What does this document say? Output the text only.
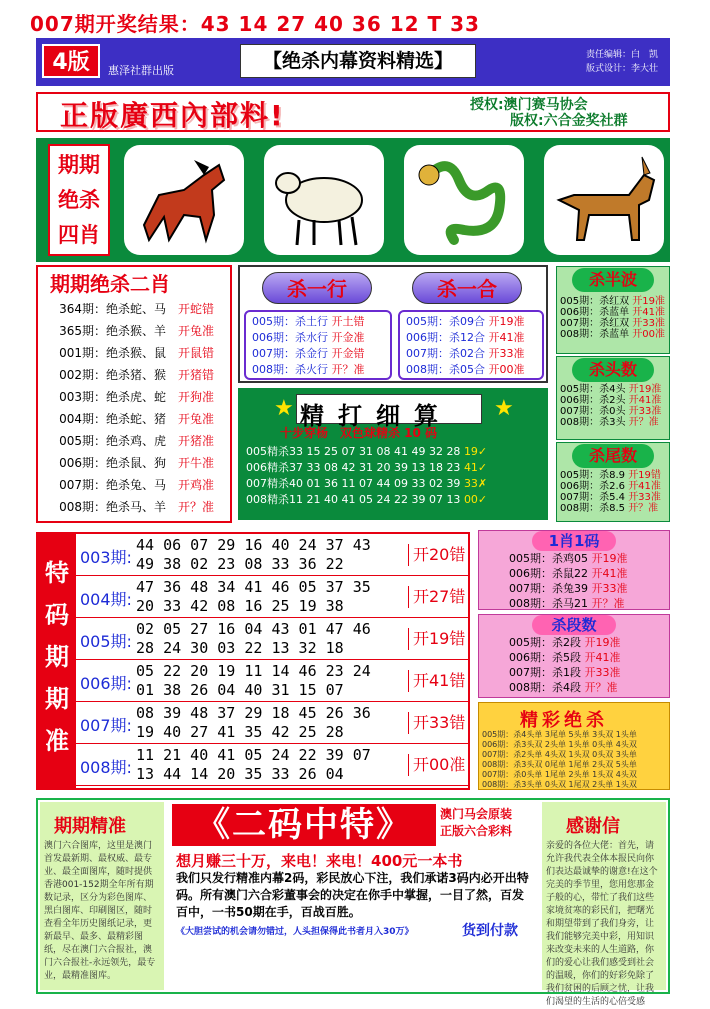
007期开奖结果：43 14 27 40 36 12 T 33
4版	惠泽社群出版	【绝杀内幕资料精选】	责任编辑：白　凯
版式设计：李大壮
正版廣西內部料!	授权:澳门赛马协会
版权:六合金奖社群
期期
绝杀
四肖
期期绝杀二肖
364期：绝杀蛇、马 开蛇错
365期：绝杀猴、羊 开兔准
001期：绝杀猴、鼠 开鼠错
002期：绝杀猪、猴 开猪错
003期：绝杀虎、蛇 开狗准
004期：绝杀蛇、猪 开兔准
005期：绝杀鸡、虎 开猪准
006期：绝杀鼠、狗 开牛准
007期：绝杀兔、马 开鸡准
008期：绝杀马、羊 开？准
杀一行	杀一合
005期：杀土行 开土错
006期：杀水行 开金准
007期：杀金行 开金错
008期：杀火行 开？准
005期：杀09合 开19准
006期：杀12合 开41准
007期：杀02合 开33准
008期：杀05合 开00准
★	★
精打细算
十步穿杨　双色球精杀 10 码
005精杀33 15 25 07 31 08 41 49 32 28 19✓
006精杀37 33 08 42 31 20 39 13 18 23 41✓
007精杀40 01 36 11 07 44 09 33 02 39 33✗
008精杀11 21 40 41 05 24 22 39 07 13 00✓
杀半波
005期：杀红双 开19准
006期：杀蓝单 开41准
007期：杀红双 开33准
008期：杀蓝单 开00准
杀头数
005期：杀4头 开19准
006期：杀2头 开41准
007期：杀0头 开33准
008期：杀3头 开？准
杀尾数
005期：杀8.9 开19错
006期：杀2.6 开41准
007期：杀5.4 开33准
008期：杀8.5 开？准
特
码
期
期
准
003期:
44 06 07 29 16 40 24 37 43
49 38 02 23 08 33 36 22	开20错
004期:
47 36 48 34 41 46 05 37 35
20 33 42 08 16 25 19 38	开27错
005期:
02 05 27 16 04 43 01 47 46
28 24 30 03 22 13 32 18	开19错
006期:
05 22 20 19 11 14 46 23 24
01 38 26 04 40 31 15 07	开41错
007期:
08 39 48 37 29 18 45 26 36
19 40 27 41 35 42 25 28	开33错
008期:
11 21 40 41 05 24 22 39 07
13 44 14 20 35 33 26 04	开00准
1肖1码
005期：杀鸡05 开19准
006期：杀鼠22 开41准
007期：杀兔39 开33准
008期：杀马21 开？准
杀段数
005期：杀2段 开19准
006期：杀5段 开41准
007期：杀1段 开33准
008期：杀4段 开？准
精彩绝杀
005期：杀4头单 3尾单 5头单 3头双 1头单
006期：杀3头双 2头单 1头单 0头单 4头双
007期：杀2头单 4头双 1头双 0头双 3头单
008期：杀3头双 0尾单 1尾单 2头双 5头单
007期：杀0头单 1尾单 2头单 1头双 4头双
008期：杀3头单 0头双 1尾双 2头单 1头双
期期精准
澳门六合图库，这里是澳门首发最新期、最权威、最专业、最全面图库，随时提供香港001-152期全年所有期数记录，区分为彩色图库、黑白图库、印刷图区，随时查看全年历史图纸记录，更新最早、最多、最精彩图纸，尽在澳门六合报社，澳门六合报社-永远领先，最专业，最精准图库。
《二码中特》	澳门马会原装
正版六合彩料
想月赚三十万，来电！来电！400元一本书
我们只发行精准内幕2码，彩民放心下注，我们承诺3码内必开出特码。所有澳门六合彩董事会的决定在你手中掌握，一目了然，百发百中，一书50期在手，百战百胜。
《大胆尝试的机会请勿错过，人头担保得此书者月入30万》	货到付款
感谢信
亲爱的各位大佬：首先，请允许我代表全体本报民向你们表达最诚挚的谢意!在这个完美的季节里，您用您那金子般的心，带忙了我们这些家境贫寒的彩民们，把曙光和期望带到了我们身旁，让我们能够完美中彩，用知识来改变未来的人生道路，你们的爱心让我们感受到社会的温暖，你们的好彩免除了我们贫困的后顾之忧，让我们渴望的生活的心倍受感
